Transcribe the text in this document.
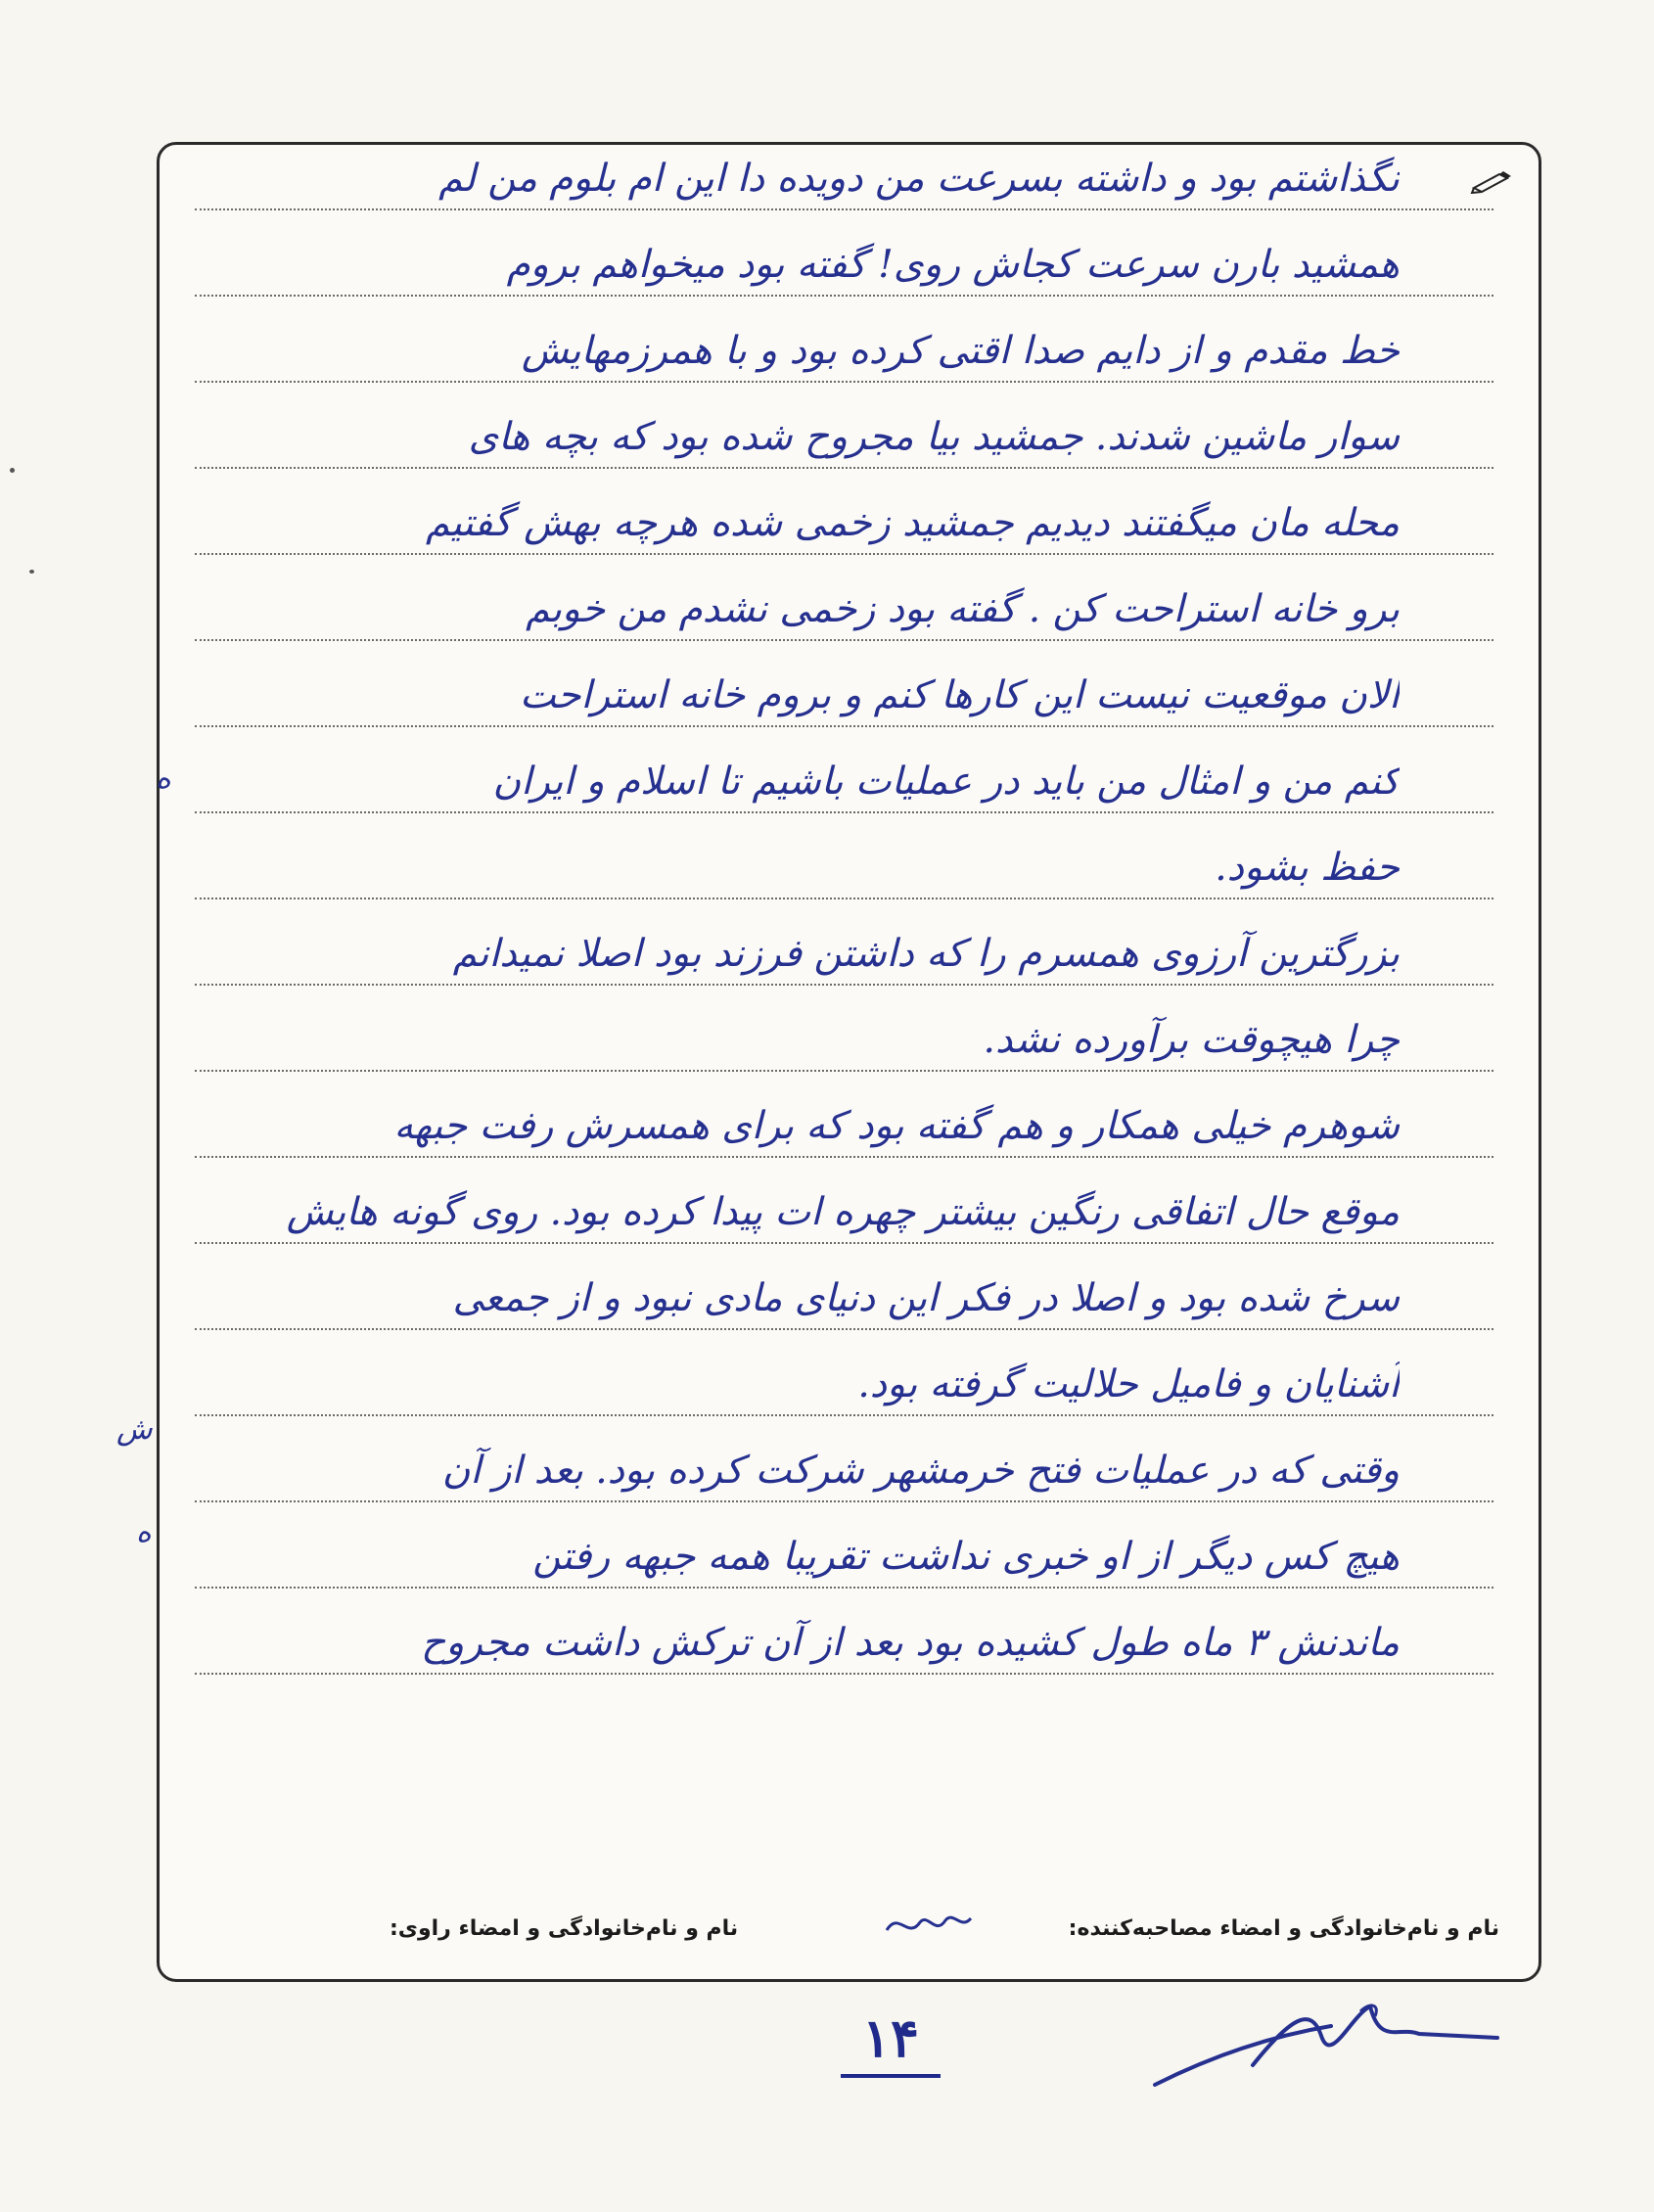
نگذاشتم بود و داشته بسرعت من دویده دا این ام بلوم من لم
همشید بارن سرعت کجاش روی! گفته بود میخواهم بروم
خط مقدم و از دایم صدا اقتی کرده بود و با همرزمهایش
سوار ماشین شدند. جمشید بیا مجروح شده بود که بچه های
محله مان میگفتند دیدیم جمشید زخمی شده هرچه بهش گفتیم
برو خانه استراحت کن . گفته بود زخمی نشدم من خوبم
الان موقعیت نیست این کارها کنم و بروم خانه استراحت
کنم من و امثال من باید در عملیات باشیم تا اسلام و ایران
حفظ بشود.
بزرگترین آرزوی همسرم را که داشتن فرزند بود اصلا نمیدانم
چرا هیچوقت برآورده نشد.
شوهرم خیلی همکار و هم گفته بود که برای همسرش رفت جبهه
موقع حال اتفاقی رنگین بیشتر چهره ات پیدا کرده بود. روی گونه هایش
سرخ شده بود و اصلا در فکر این دنیای مادی نبود و از جمعی
آشنایان و فامیل حلالیت گرفته بود.
وقتی که در عملیات فتح خرمشهر شرکت کرده بود. بعد از آن
هیچ کس دیگر از او خبری نداشت تقریبا همه جبهه رفتن
ماندنش ۳ ماه طول کشیده بود بعد از آن ترکش داشت مجروح
ش
ه
ه
نام و نام‌خانوادگی و امضاء مصاحبه‌کننده:
نام و نام‌خانوادگی و امضاء راوی:
۱۴
